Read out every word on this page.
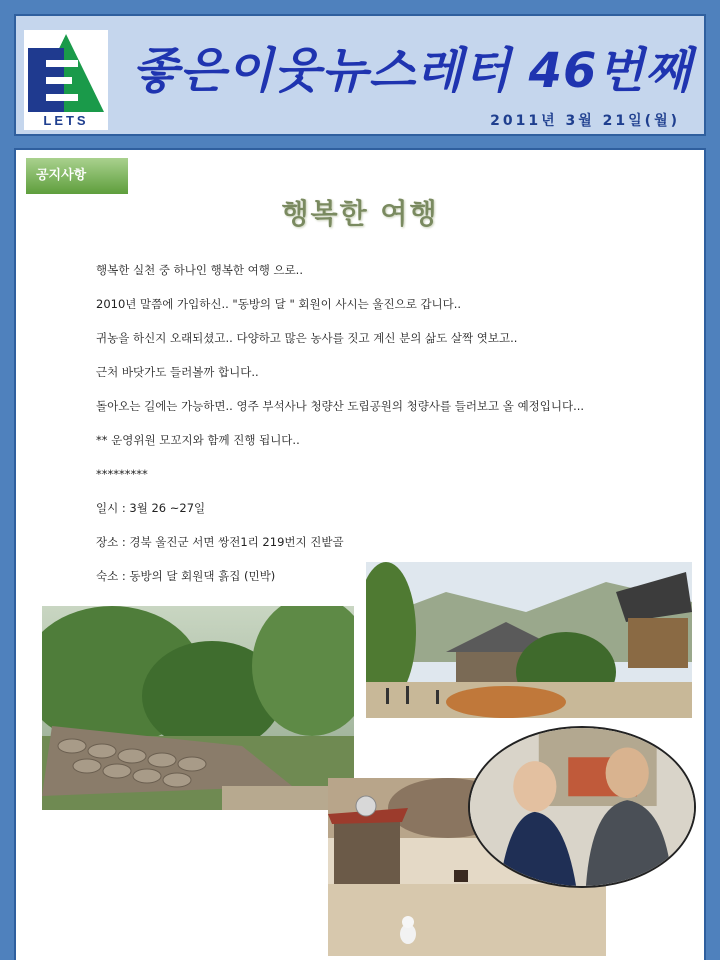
LETS
좋은이웃뉴스레터 46번째
2011년 3월 21일(월)
공지사항
행복한 여행

행복한 실천 중 하나인 행복한 여행 으로..

2010년 말쯤에 가입하신.. "동방의 달 " 회원이 사시는 울진으로 갑니다..

귀농을 하신지 오래되셨고.. 다양하고 많은 농사를 짓고 계신 분의 삶도 살짝 엿보고..

근처 바닷가도 들러볼까 합니다..

돌아오는 길에는 가능하면.. 영주 부석사나 청량산 도립공원의 청량사를 들러보고 올 예정입니다...

** 운영위원 모꼬지와 함께 진행 됩니다..

*********

일시 : 3월 26 ~27일

장소 : 경북 울진군 서면 쌍전1리 219번지 진밭골

숙소 : 동방의 달 회원댁 흙집 (민박)
